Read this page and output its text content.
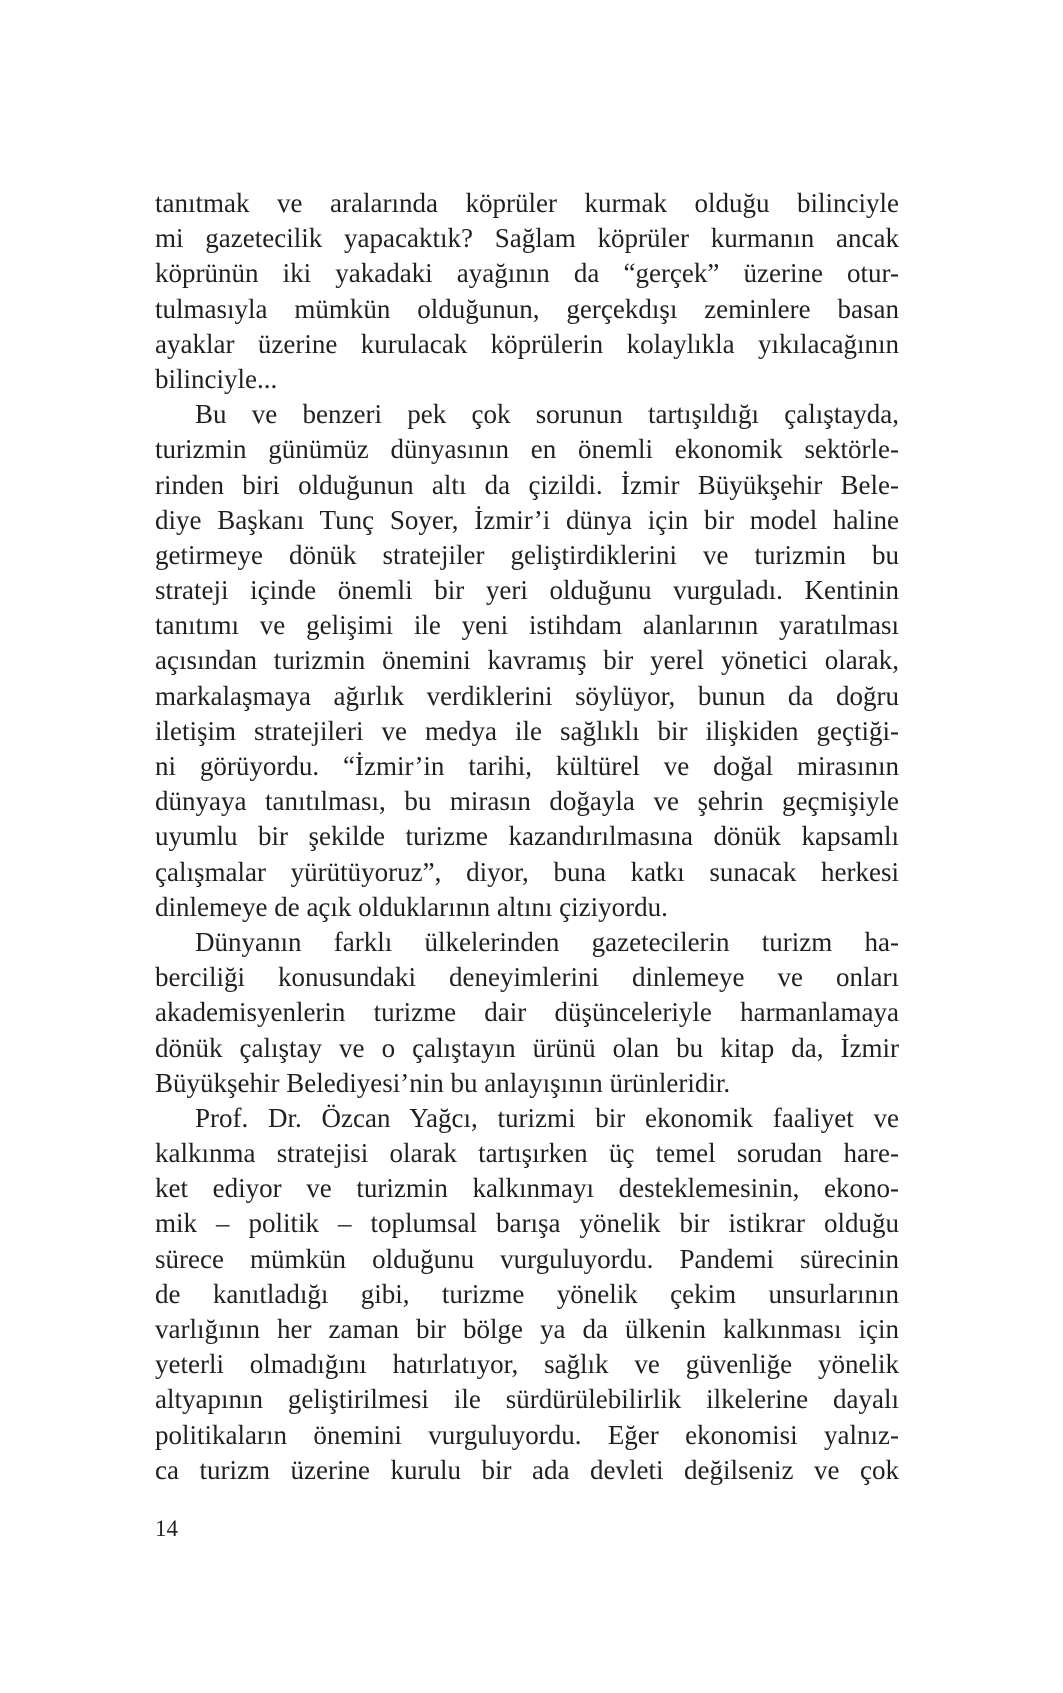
tanıtmak ve aralarında köprüler kurmak olduğu bilinciyle
mi gazetecilik yapacaktık? Sağlam köprüler kurmanın ancak
köprünün iki yakadaki ayağının da “gerçek” üzerine otur-
tulmasıyla mümkün olduğunun, gerçekdışı zeminlere basan
ayaklar üzerine kurulacak köprülerin kolaylıkla yıkılacağının
bilinciyle...
Bu ve benzeri pek çok sorunun tartışıldığı çalıştayda,
turizmin günümüz dünyasının en önemli ekonomik sektörle-
rinden biri olduğunun altı da çizildi. İzmir Büyükşehir Bele-
diye Başkanı Tunç Soyer, İzmir’i dünya için bir model haline
getirmeye dönük stratejiler geliştirdiklerini ve turizmin bu
strateji içinde önemli bir yeri olduğunu vurguladı. Kentinin
tanıtımı ve gelişimi ile yeni istihdam alanlarının yaratılması
açısından turizmin önemini kavramış bir yerel yönetici olarak,
markalaşmaya ağırlık verdiklerini söylüyor, bunun da doğru
iletişim stratejileri ve medya ile sağlıklı bir ilişkiden geçtiği-
ni görüyordu. “İzmir’in tarihi, kültürel ve doğal mirasının
dünyaya tanıtılması, bu mirasın doğayla ve şehrin geçmişiyle
uyumlu bir şekilde turizme kazandırılmasına dönük kapsamlı
çalışmalar yürütüyoruz”, diyor, buna katkı sunacak herkesi
dinlemeye de açık olduklarının altını çiziyordu.
Dünyanın farklı ülkelerinden gazetecilerin turizm ha-
berciliği konusundaki deneyimlerini dinlemeye ve onları
akademisyenlerin turizme dair düşünceleriyle harmanlamaya
dönük çalıştay ve o çalıştayın ürünü olan bu kitap da, İzmir
Büyükşehir Belediyesi’nin bu anlayışının ürünleridir.
Prof. Dr. Özcan Yağcı, turizmi bir ekonomik faaliyet ve
kalkınma stratejisi olarak tartışırken üç temel sorudan hare-
ket ediyor ve turizmin kalkınmayı desteklemesinin, ekono-
mik – politik – toplumsal barışa yönelik bir istikrar olduğu
sürece mümkün olduğunu vurguluyordu. Pandemi sürecinin
de kanıtladığı gibi, turizme yönelik çekim unsurlarının
varlığının her zaman bir bölge ya da ülkenin kalkınması için
yeterli olmadığını hatırlatıyor, sağlık ve güvenliğe yönelik
altyapının geliştirilmesi ile sürdürülebilirlik ilkelerine dayalı
politikaların önemini vurguluyordu. Eğer ekonomisi yalnız-
ca turizm üzerine kurulu bir ada devleti değilseniz ve çok
14
